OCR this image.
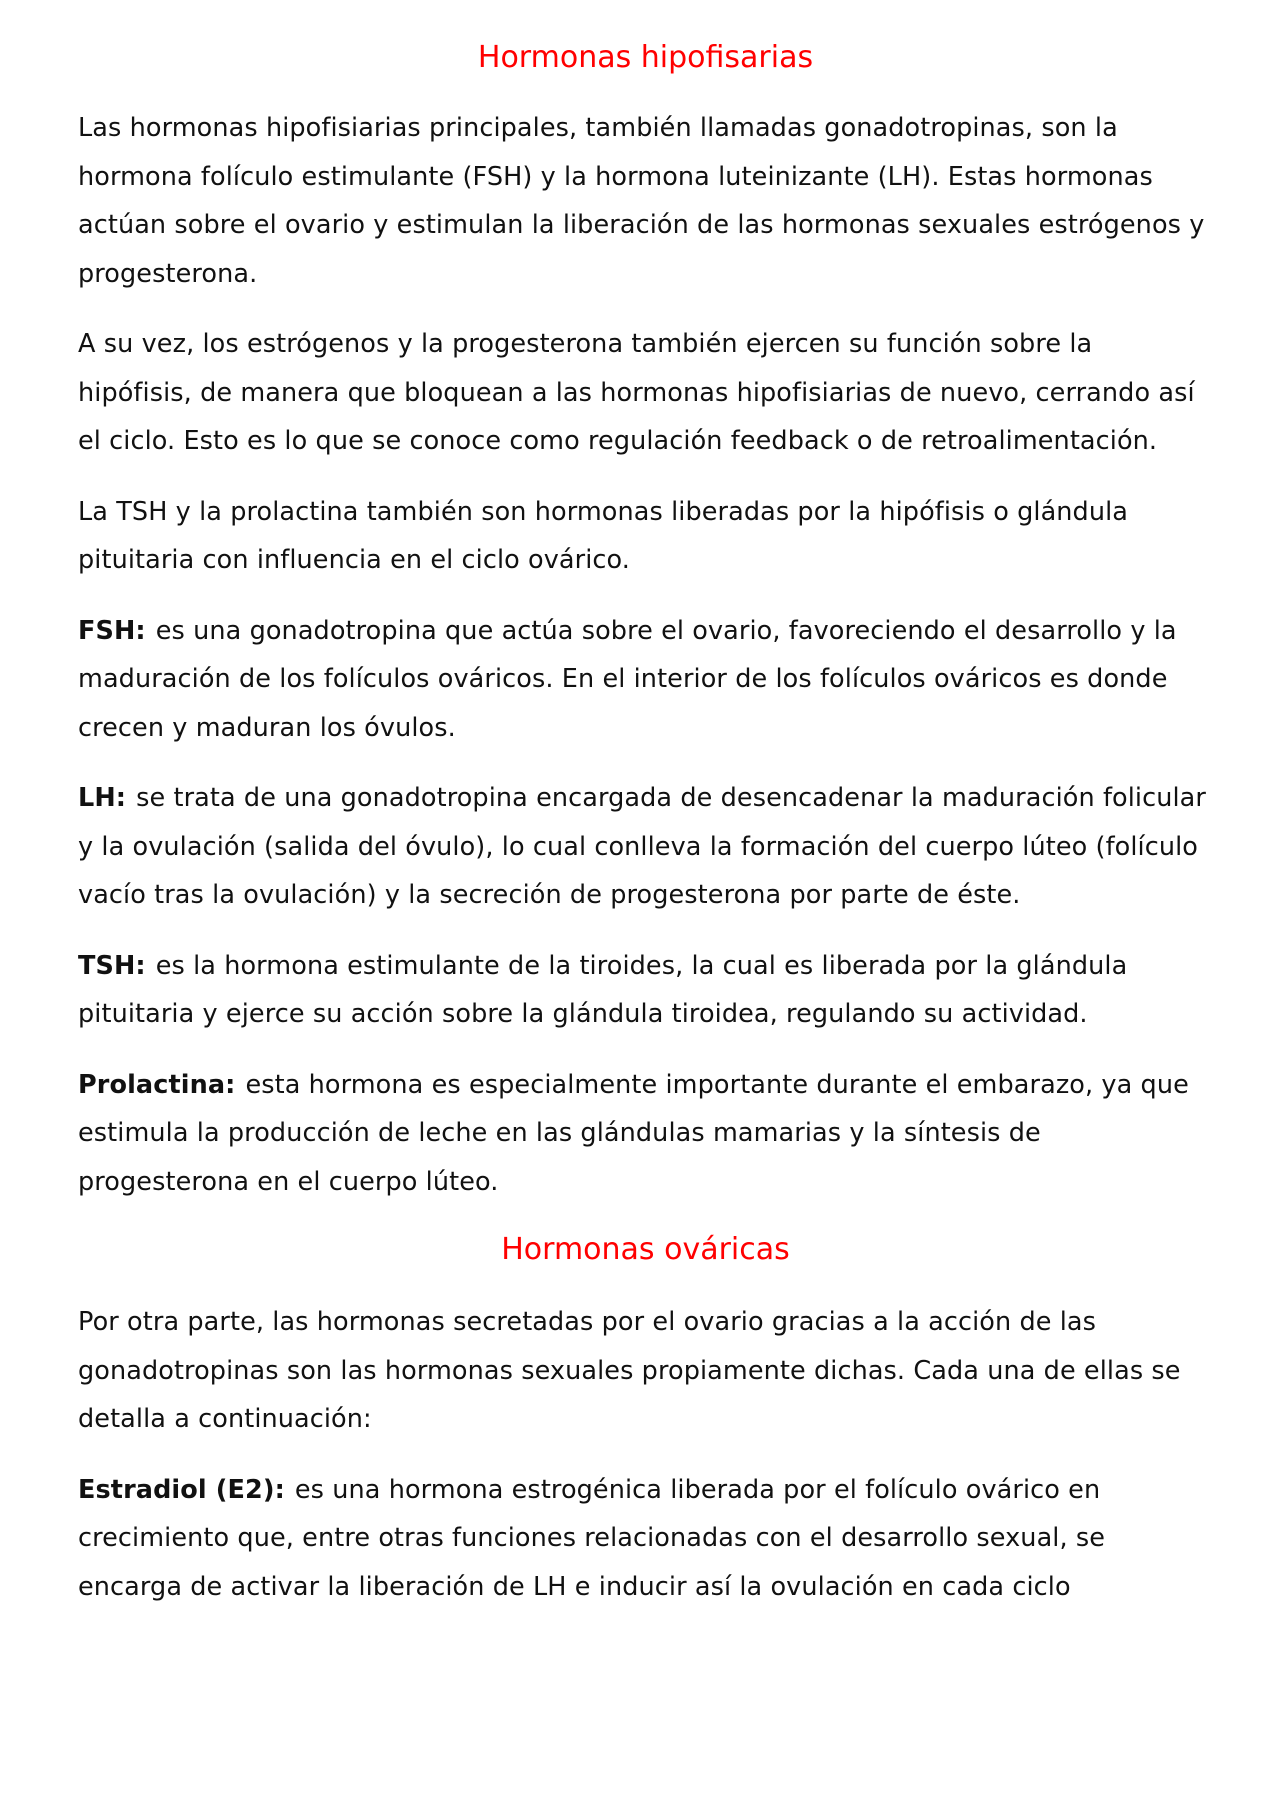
Hormonas hipofisarias

Las hormonas hipofisiarias principales, también llamadas gonadotropinas, son la hormona folículo estimulante (FSH) y la hormona luteinizante (LH). Estas hormonas actúan sobre el ovario y estimulan la liberación de las hormonas sexuales estrógenos y progesterona.

A su vez, los estrógenos y la progesterona también ejercen su función sobre la hipófisis, de manera que bloquean a las hormonas hipofisiarias de nuevo, cerrando así el ciclo. Esto es lo que se conoce como regulación feedback o de retroalimentación.

La TSH y la prolactina también son hormonas liberadas por la hipófisis o glándula pituitaria con influencia en el ciclo ovárico.

FSH: es una gonadotropina que actúa sobre el ovario, favoreciendo el desarrollo y la maduración de los folículos ováricos. En el interior de los folículos ováricos es donde crecen y maduran los óvulos.

LH: se trata de una gonadotropina encargada de desencadenar la maduración folicular y la ovulación (salida del óvulo), lo cual conlleva la formación del cuerpo lúteo (folículo vacío tras la ovulación) y la secreción de progesterona por parte de éste.

TSH: es la hormona estimulante de la tiroides, la cual es liberada por la glándula pituitaria y ejerce su acción sobre la glándula tiroidea, regulando su actividad.

Prolactina: esta hormona es especialmente importante durante el embarazo, ya que estimula la producción de leche en las glándulas mamarias y la síntesis de progesterona en el cuerpo lúteo.

Hormonas ováricas

Por otra parte, las hormonas secretadas por el ovario gracias a la acción de las gonadotropinas son las hormonas sexuales propiamente dichas. Cada una de ellas se detalla a continuación:

Estradiol (E2): es una hormona estrogénica liberada por el folículo ovárico en crecimiento que, entre otras funciones relacionadas con el desarrollo sexual, se encarga de activar la liberación de LH e inducir así la ovulación en cada ciclo
